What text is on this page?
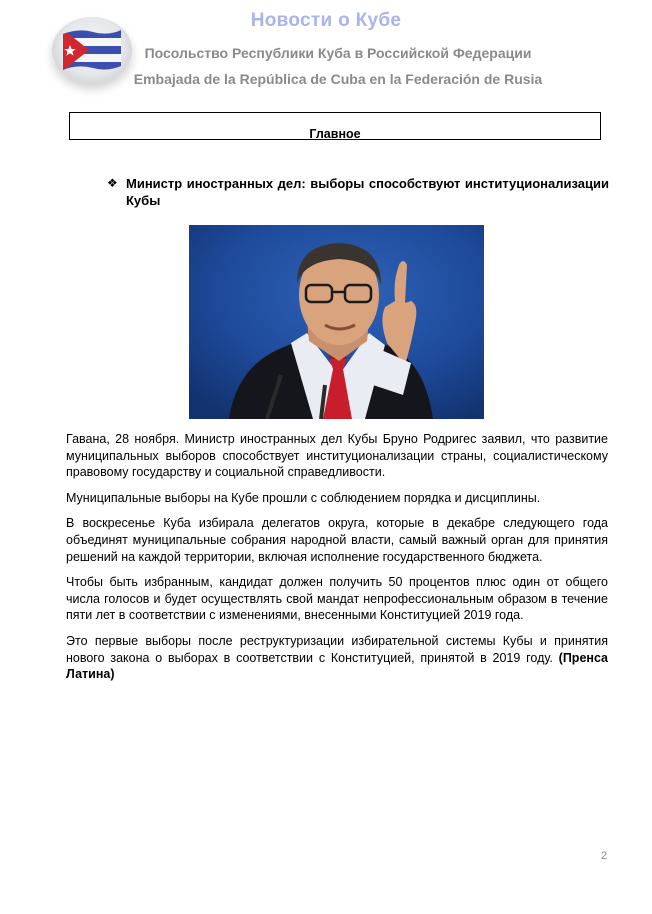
Новости о Кубе
Посольство Республики Куба в Российской Федерации
Embajada de la República de Cuba en la Federación de Rusia
Главное
❖ Министр иностранных дел: выборы способствуют институционализации Кубы

Гавана, 28 ноября. Министр иностранных дел Кубы Бруно Родригес заявил, что развитие муниципальных выборов способствует институционализации страны, социалистическому правовому государству и социальной справедливости.

Муниципальные выборы на Кубе прошли с соблюдением порядка и дисциплины.

В воскресенье Куба избирала делегатов округа, которые в декабре следующего года объединят муниципальные собрания народной власти, самый важный орган для принятия решений на каждой территории, включая исполнение государственного бюджета.

Чтобы быть избранным, кандидат должен получить 50 процентов плюс один от общего числа голосов и будет осуществлять свой мандат непрофессиональным образом в течение пяти лет в соответствии с изменениями, внесенными Конституцией 2019 года.

Это первые выборы после реструктуризации избирательной системы Кубы и принятия нового закона о выборах в соответствии с Конституцией, принятой в 2019 году. (Пренса Латина)

2
